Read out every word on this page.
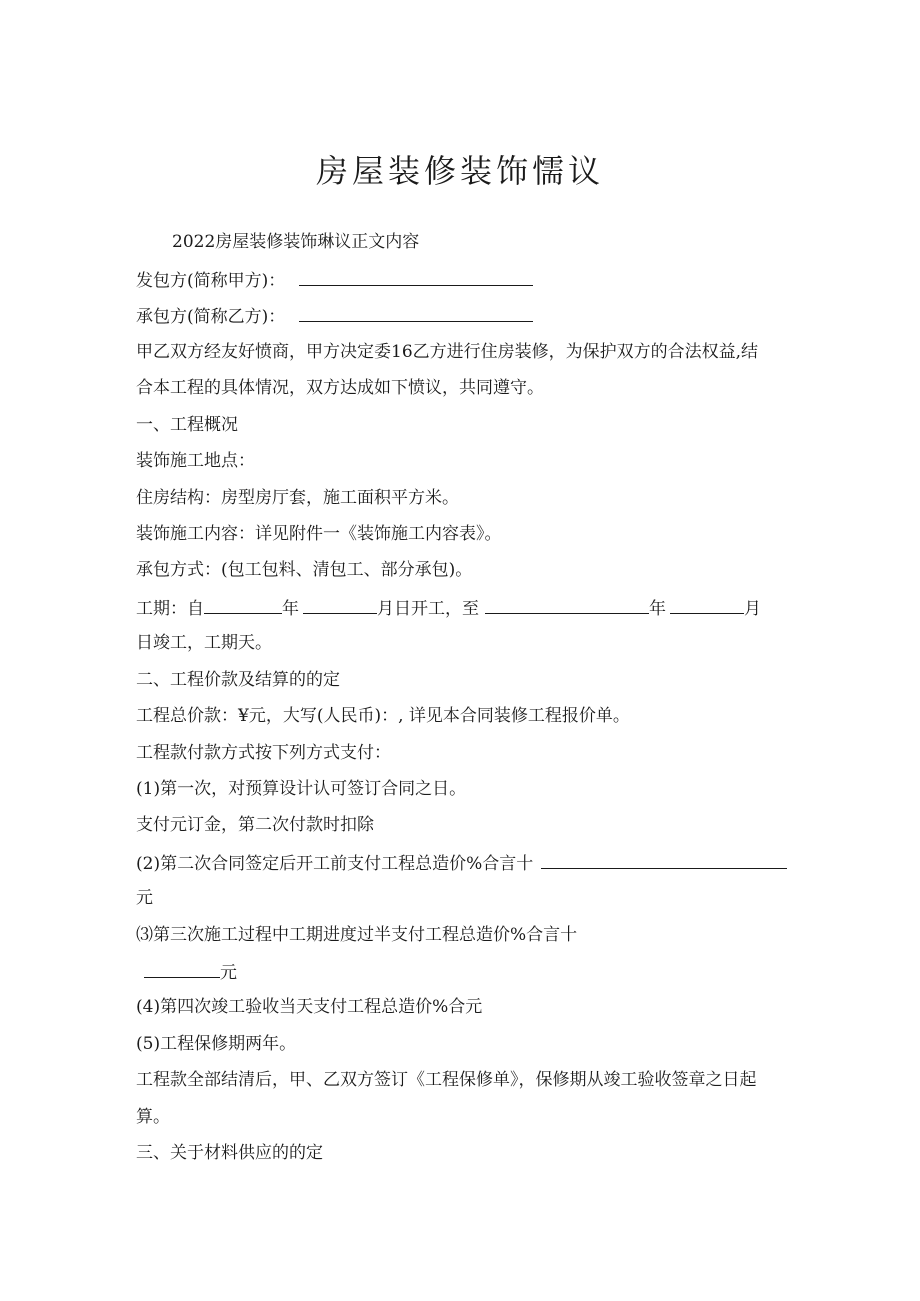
房屋装修装饰懦议
2022房屋装修装饰琳议正文内容
发包方(简称甲方)：
承包方(简称乙方)：
甲乙双方经友好愤商，甲方决定委16乙方进行住房装修，为保护双方的合法权益,结
合本工程的具体情况，双方达成如下愤议，共同遵守。
一、工程概况
装饰施工地点：
住房结构：房型房厅套，施工面积平方米。
装饰施工内容：详见附件一《装饰施工内容表》。
承包方式：(包工包料、清包工、部分承包)。
工期：自	年	月日开工，至	年	月
日竣工，工期天。
二、工程价款及结算的的定
工程总价款：¥元，大写(人民币)：, 详见本合同装修工程报价单。
工程款付款方式按下列方式支付：
(1)第一次，对预算设计认可签订合同之日。
支付元订金，第二次付款时扣除
(2)第二次合同签定后开工前支付工程总造价%合言十
元
⑶第三次施工过程中工期进度过半支付工程总造价%合言十
元
(4)第四次竣工验收当天支付工程总造价%合元
(5)工程保修期两年。
工程款全部结清后，甲、乙双方签订《工程保修单》，保修期从竣工验收签章之日起
算。
三、关于材料供应的的定
